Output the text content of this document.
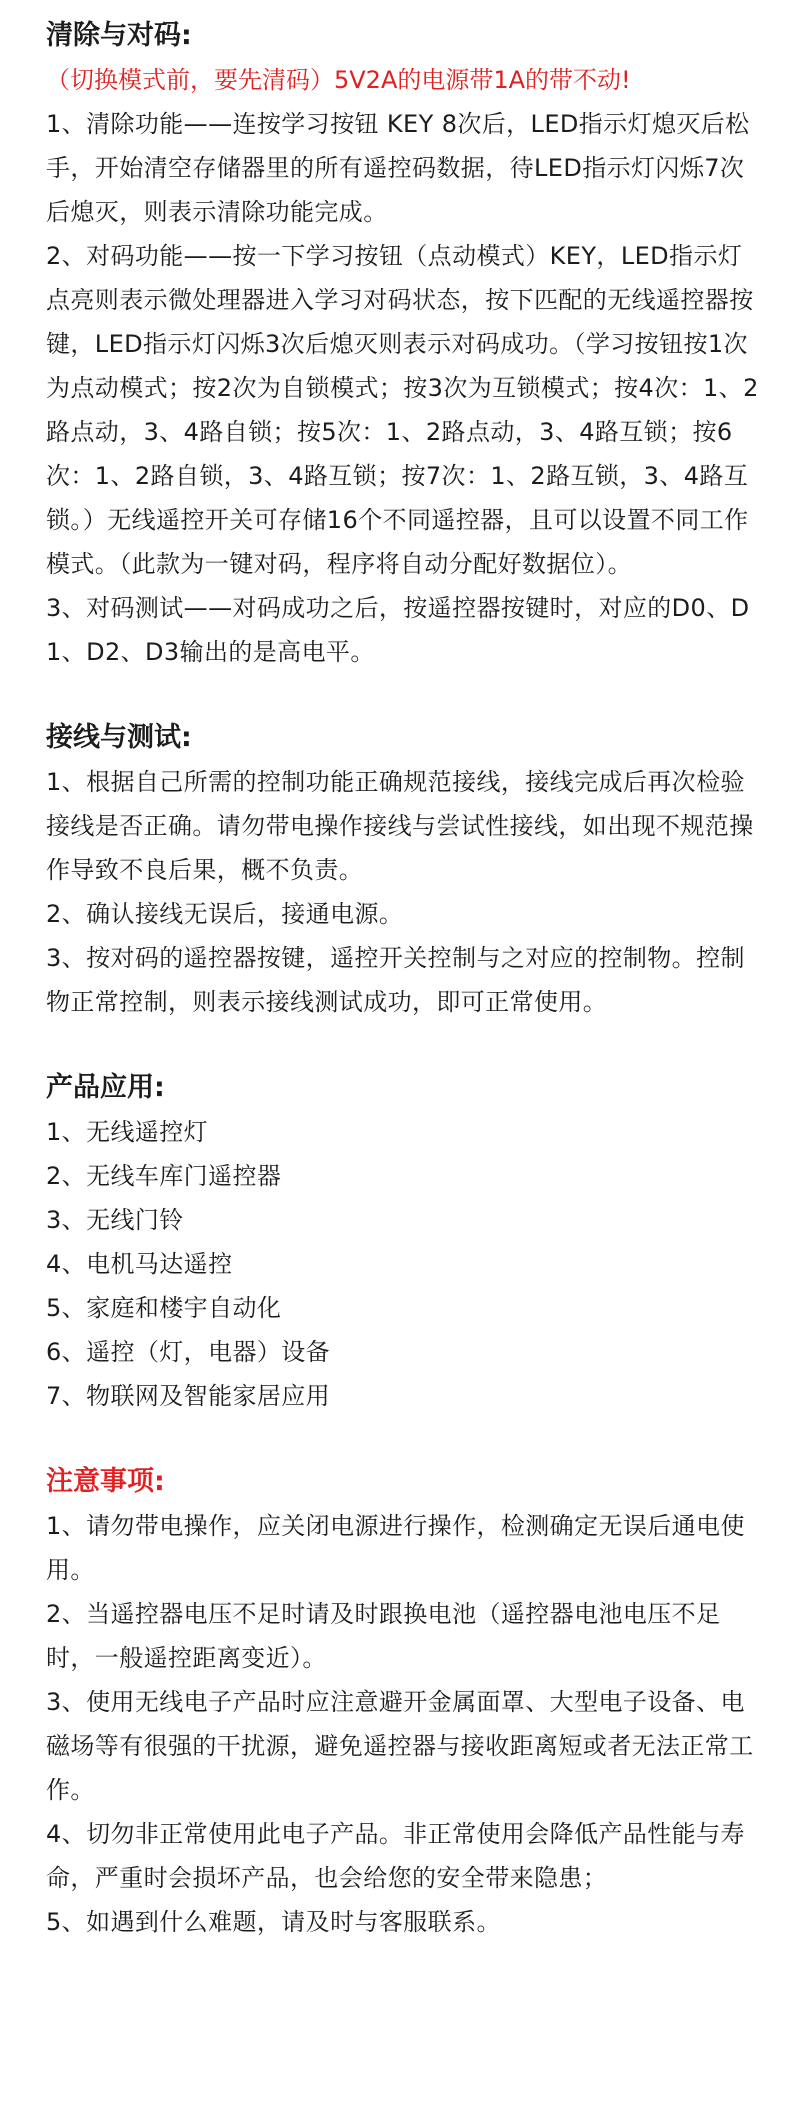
清除与对码:

（切换模式前，要先清码）5V2A的电源带1A的带不动!

1、清除功能——连按学习按钮 KEY 8次后，LED指示灯熄灭后松手，开始清空存储器里的所有遥控码数据，待LED指示灯闪烁7次后熄灭，则表示清除功能完成。

2、对码功能——按一下学习按钮（点动模式）KEY，LED指示灯点亮则表示微处理器进入学习对码状态，按下匹配的无线遥控器按键，LED指示灯闪烁3次后熄灭则表示对码成功。（学习按钮按1次为点动模式；按2次为自锁模式；按3次为互锁模式；按4次：1、2路点动，3、4路自锁；按5次：1、2路点动，3、4路互锁；按6次：1、2路自锁，3、4路互锁；按7次：1、2路互锁，3、4路互锁。）无线遥控开关可存储16个不同遥控器，且可以设置不同工作模式。（此款为一键对码，程序将自动分配好数据位）。

3、对码测试——对码成功之后，按遥控器按键时，对应的D0、D1、D2、D3输出的是高电平。

接线与测试:

1、根据自己所需的控制功能正确规范接线，接线完成后再次检验接线是否正确。请勿带电操作接线与尝试性接线，如出现不规范操作导致不良后果，概不负责。

2、确认接线无误后，接通电源。

3、按对码的遥控器按键，遥控开关控制与之对应的控制物。控制物正常控制，则表示接线测试成功，即可正常使用。

产品应用:

1、无线遥控灯

2、无线车库门遥控器

3、无线门铃

4、电机马达遥控

5、家庭和楼宇自动化

6、遥控（灯，电器）设备

7、物联网及智能家居应用

注意事项:

1、请勿带电操作，应关闭电源进行操作，检测确定无误后通电使用。

2、当遥控器电压不足时请及时跟换电池（遥控器电池电压不足时，一般遥控距离变近）。

3、使用无线电子产品时应注意避开金属面罩、大型电子设备、电磁场等有很强的干扰源，避免遥控器与接收距离短或者无法正常工作。

4、切勿非正常使用此电子产品。非正常使用会降低产品性能与寿命，严重时会损坏产品，也会给您的安全带来隐患；

5、如遇到什么难题，请及时与客服联系。
